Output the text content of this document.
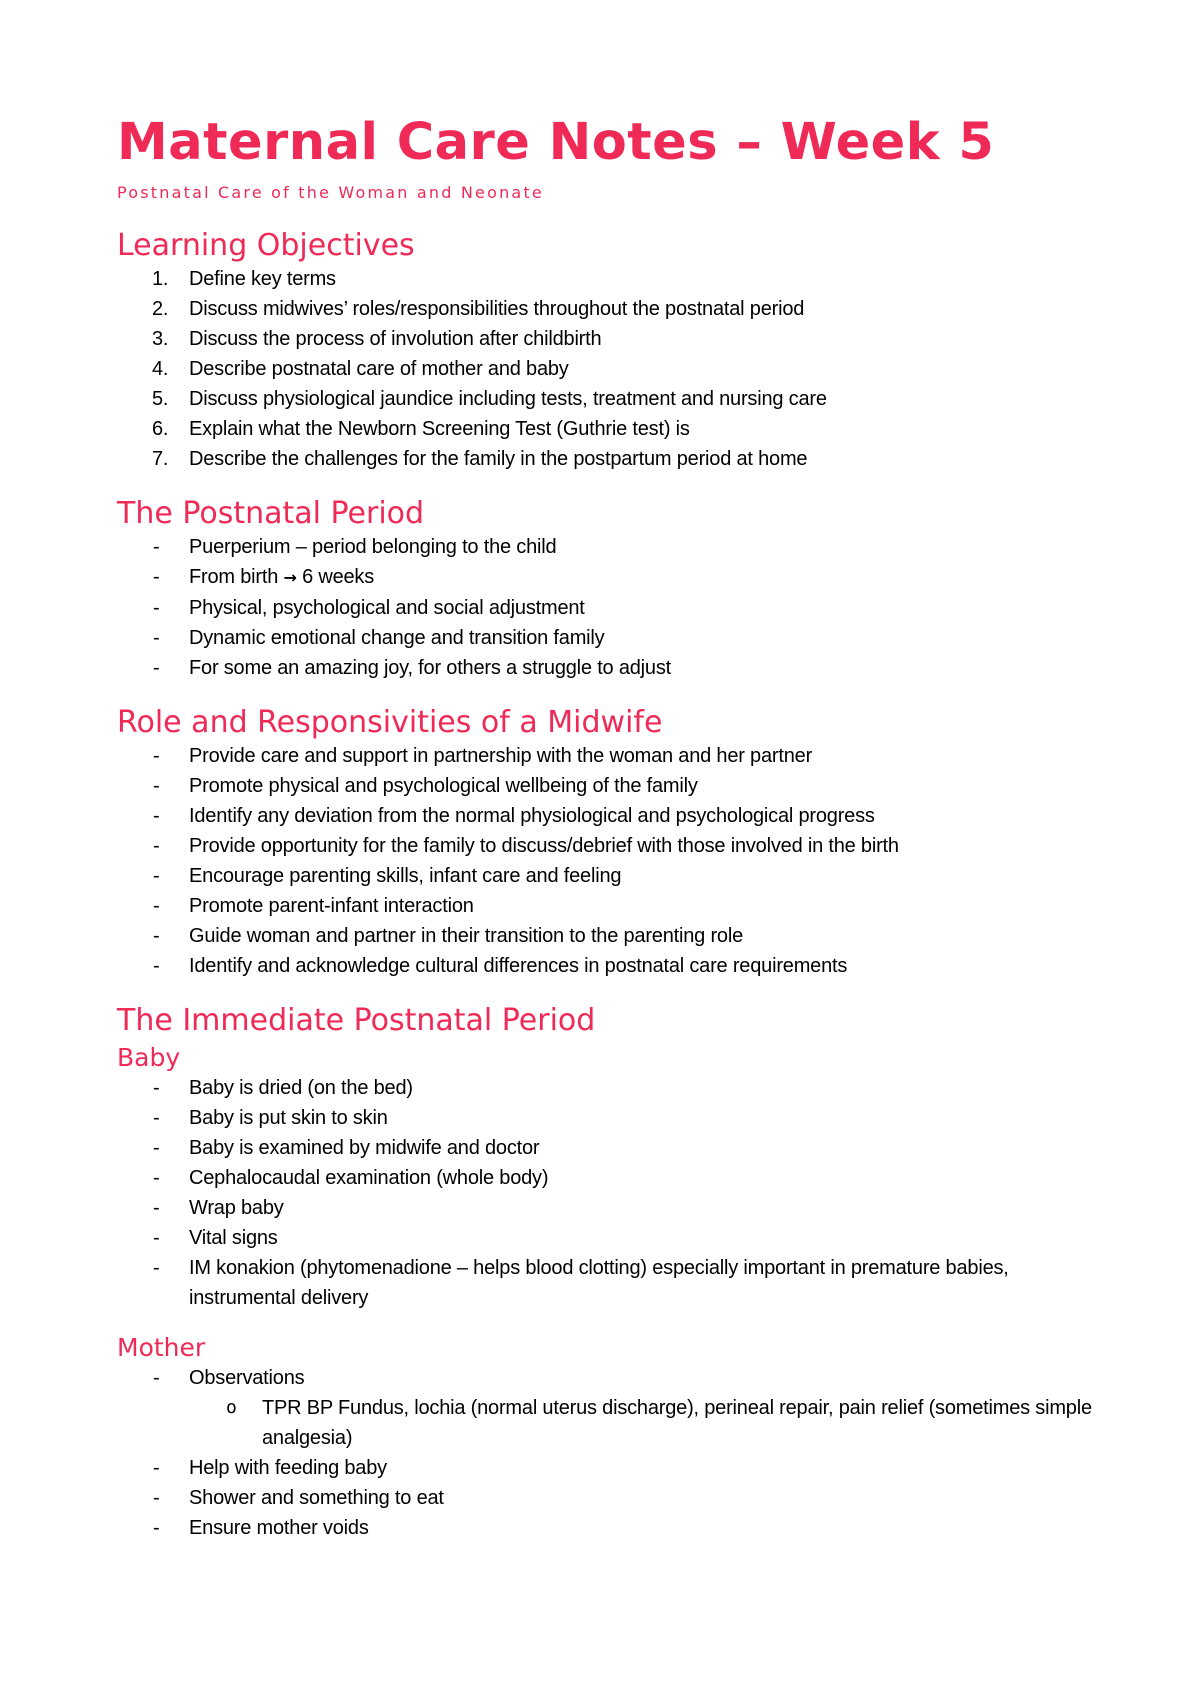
Maternal Care Notes – Week 5
Postnatal Care of the Woman and Neonate
Learning Objectives
1. Define key terms
2. Discuss midwives’ roles/responsibilities throughout the postnatal period
3. Discuss the process of involution after childbirth
4. Describe postnatal care of mother and baby
5. Discuss physiological jaundice including tests, treatment and nursing care
6. Explain what the Newborn Screening Test (Guthrie test) is
7. Describe the challenges for the family in the postpartum period at home
The Postnatal Period
- Puerperium – period belonging to the child
- From birth → 6 weeks
- Physical, psychological and social adjustment
- Dynamic emotional change and transition family
- For some an amazing joy, for others a struggle to adjust
Role and Responsivities of a Midwife
- Provide care and support in partnership with the woman and her partner
- Promote physical and psychological wellbeing of the family
- Identify any deviation from the normal physiological and psychological progress
- Provide opportunity for the family to discuss/debrief with those involved in the birth
- Encourage parenting skills, infant care and feeling
- Promote parent-infant interaction
- Guide woman and partner in their transition to the parenting role
- Identify and acknowledge cultural differences in postnatal care requirements
The Immediate Postnatal Period
Baby
- Baby is dried (on the bed)
- Baby is put skin to skin
- Baby is examined by midwife and doctor
- Cephalocaudal examination (whole body)
- Wrap baby
- Vital signs
- IM konakion (phytomenadione – helps blood clotting) especially important in premature babies, instrumental delivery
Mother
- Observations
o TPR BP Fundus, lochia (normal uterus discharge), perineal repair, pain relief (sometimes simple analgesia)
- Help with feeding baby
- Shower and something to eat
- Ensure mother voids
